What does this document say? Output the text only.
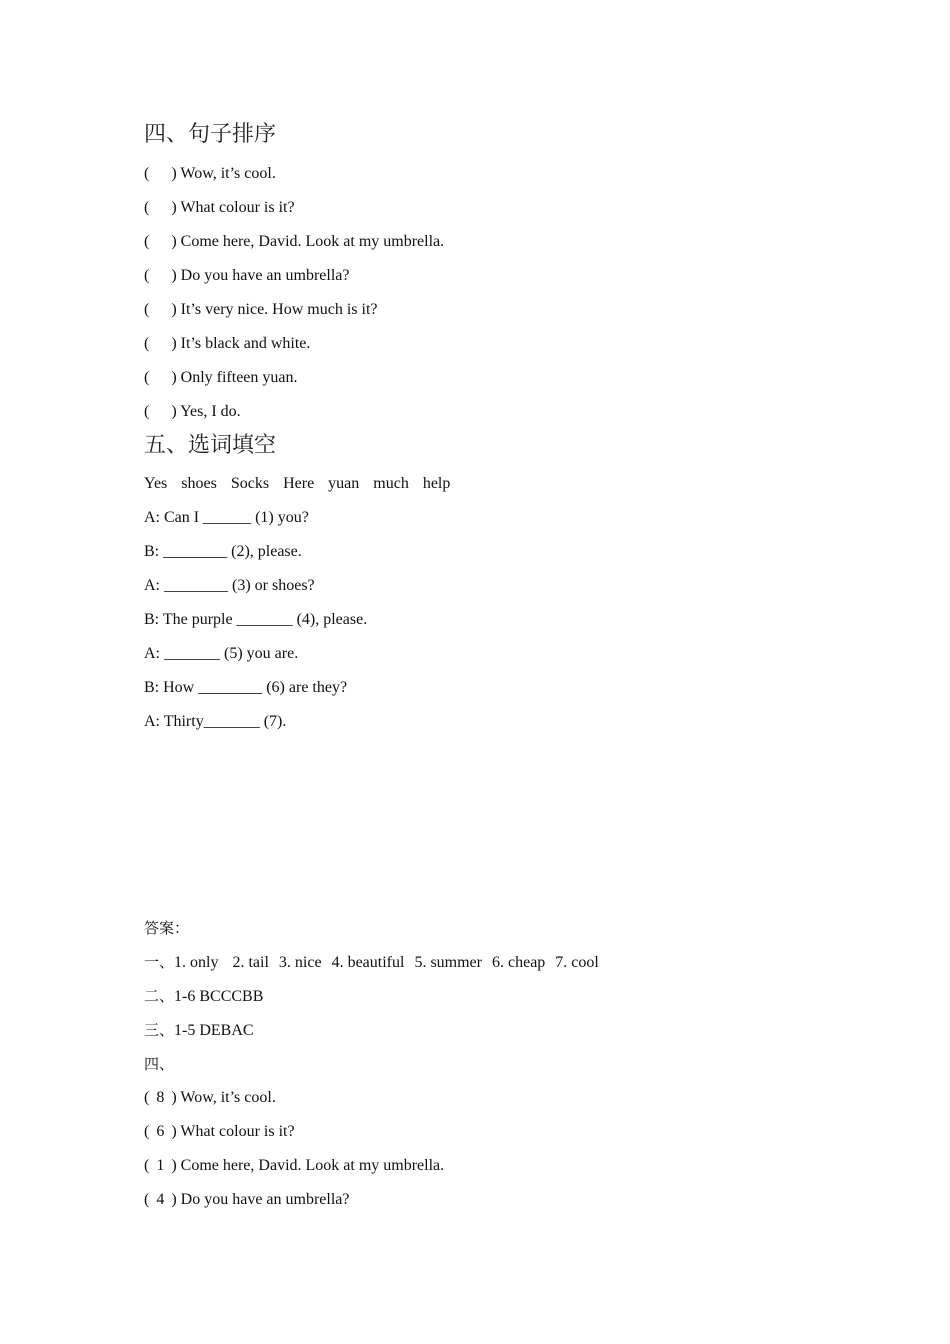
四、句子排序
( ) Wow, it’s cool.
( ) What colour is it?
( ) Come here, David. Look at my umbrella.
( ) Do you have an umbrella?
( ) It’s very nice. How much is it?
( ) It’s black and white.
( ) Only fifteen yuan.
( ) Yes, I do.
五、选词填空
Yes shoes Socks Here yuan much help
A: Can I ______ (1) you?
B: ________ (2), please.
A: ________ (3) or shoes?
B: The purple _______ (4), please.
A: _______ (5) you are.
B: How ________ (6) are they?
A: Thirty_______ (7).
答案：
一、1. only 2. tail 3. nice 4. beautiful 5. summer 6. cheap 7. cool
二、1-6 BCCCBB
三、1-5 DEBAC
四、
( 8 ) Wow, it’s cool.
( 6 ) What colour is it?
( 1 ) Come here, David. Look at my umbrella.
( 4 ) Do you have an umbrella?
